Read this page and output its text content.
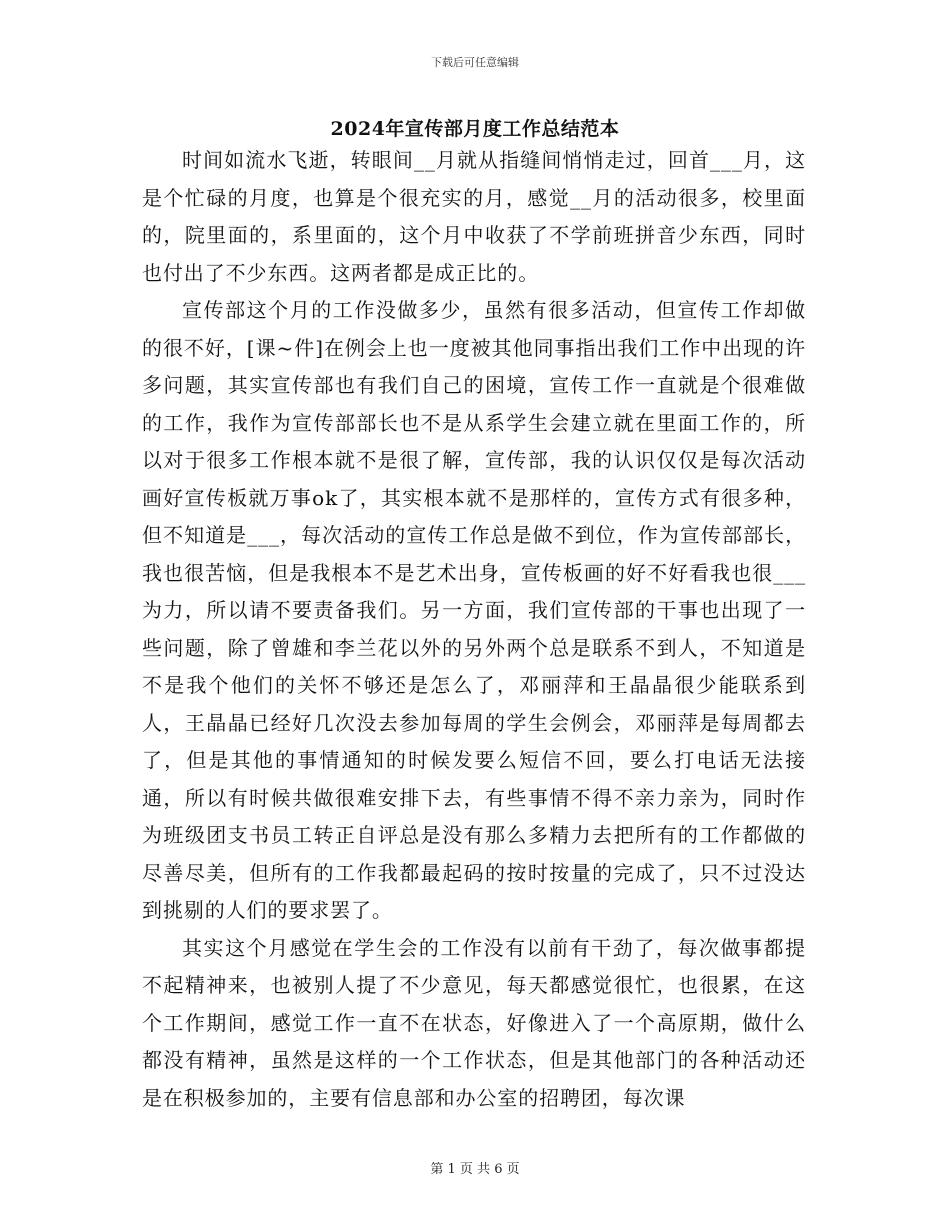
下载后可任意编辑
2024年宣传部月度工作总结范本

时间如流水飞逝，转眼间__月就从指缝间悄悄走过，回首___月，这是个忙碌的月度，也算是个很充实的月，感觉__月的活动很多，校里面的，院里面的，系里面的，这个月中收获了不学前班拼音少东西，同时也付出了不少东西。这两者都是成正比的。

宣传部这个月的工作没做多少，虽然有很多活动，但宣传工作却做的很不好，[课~件]在例会上也一度被其他同事指出我们工作中出现的许多问题，其实宣传部也有我们自己的困境，宣传工作一直就是个很难做的工作，我作为宣传部部长也不是从系学生会建立就在里面工作的，所以对于很多工作根本就不是很了解，宣传部，我的认识仅仅是每次活动画好宣传板就万事ok了，其实根本就不是那样的，宣传方式有很多种，但不知道是___，每次活动的宣传工作总是做不到位，作为宣传部部长，我也很苦恼，但是我根本不是艺术出身，宣传板画的好不好看我也很___为力，所以请不要责备我们。另一方面，我们宣传部的干事也出现了一些问题，除了曾雄和李兰花以外的另外两个总是联系不到人，不知道是不是我个他们的关怀不够还是怎么了，邓丽萍和王晶晶很少能联系到人，王晶晶已经好几次没去参加每周的学生会例会，邓丽萍是每周都去了，但是其他的事情通知的时候发要么短信不回，要么打电话无法接通，所以有时候共做很难安排下去，有些事情不得不亲力亲为，同时作为班级团支书员工转正自评总是没有那么多精力去把所有的工作都做的尽善尽美，但所有的工作我都最起码的按时按量的完成了，只不过没达到挑剔的人们的要求罢了。

其实这个月感觉在学生会的工作没有以前有干劲了，每次做事都提不起精神来，也被别人提了不少意见，每天都感觉很忙，也很累，在这个工作期间，感觉工作一直不在状态，好像进入了一个高原期，做什么都没有精神，虽然是这样的一个工作状态，但是其他部门的各种活动还是在积极参加的，主要有信息部和办公室的招聘团，每次课

第 1 页 共 6 页
